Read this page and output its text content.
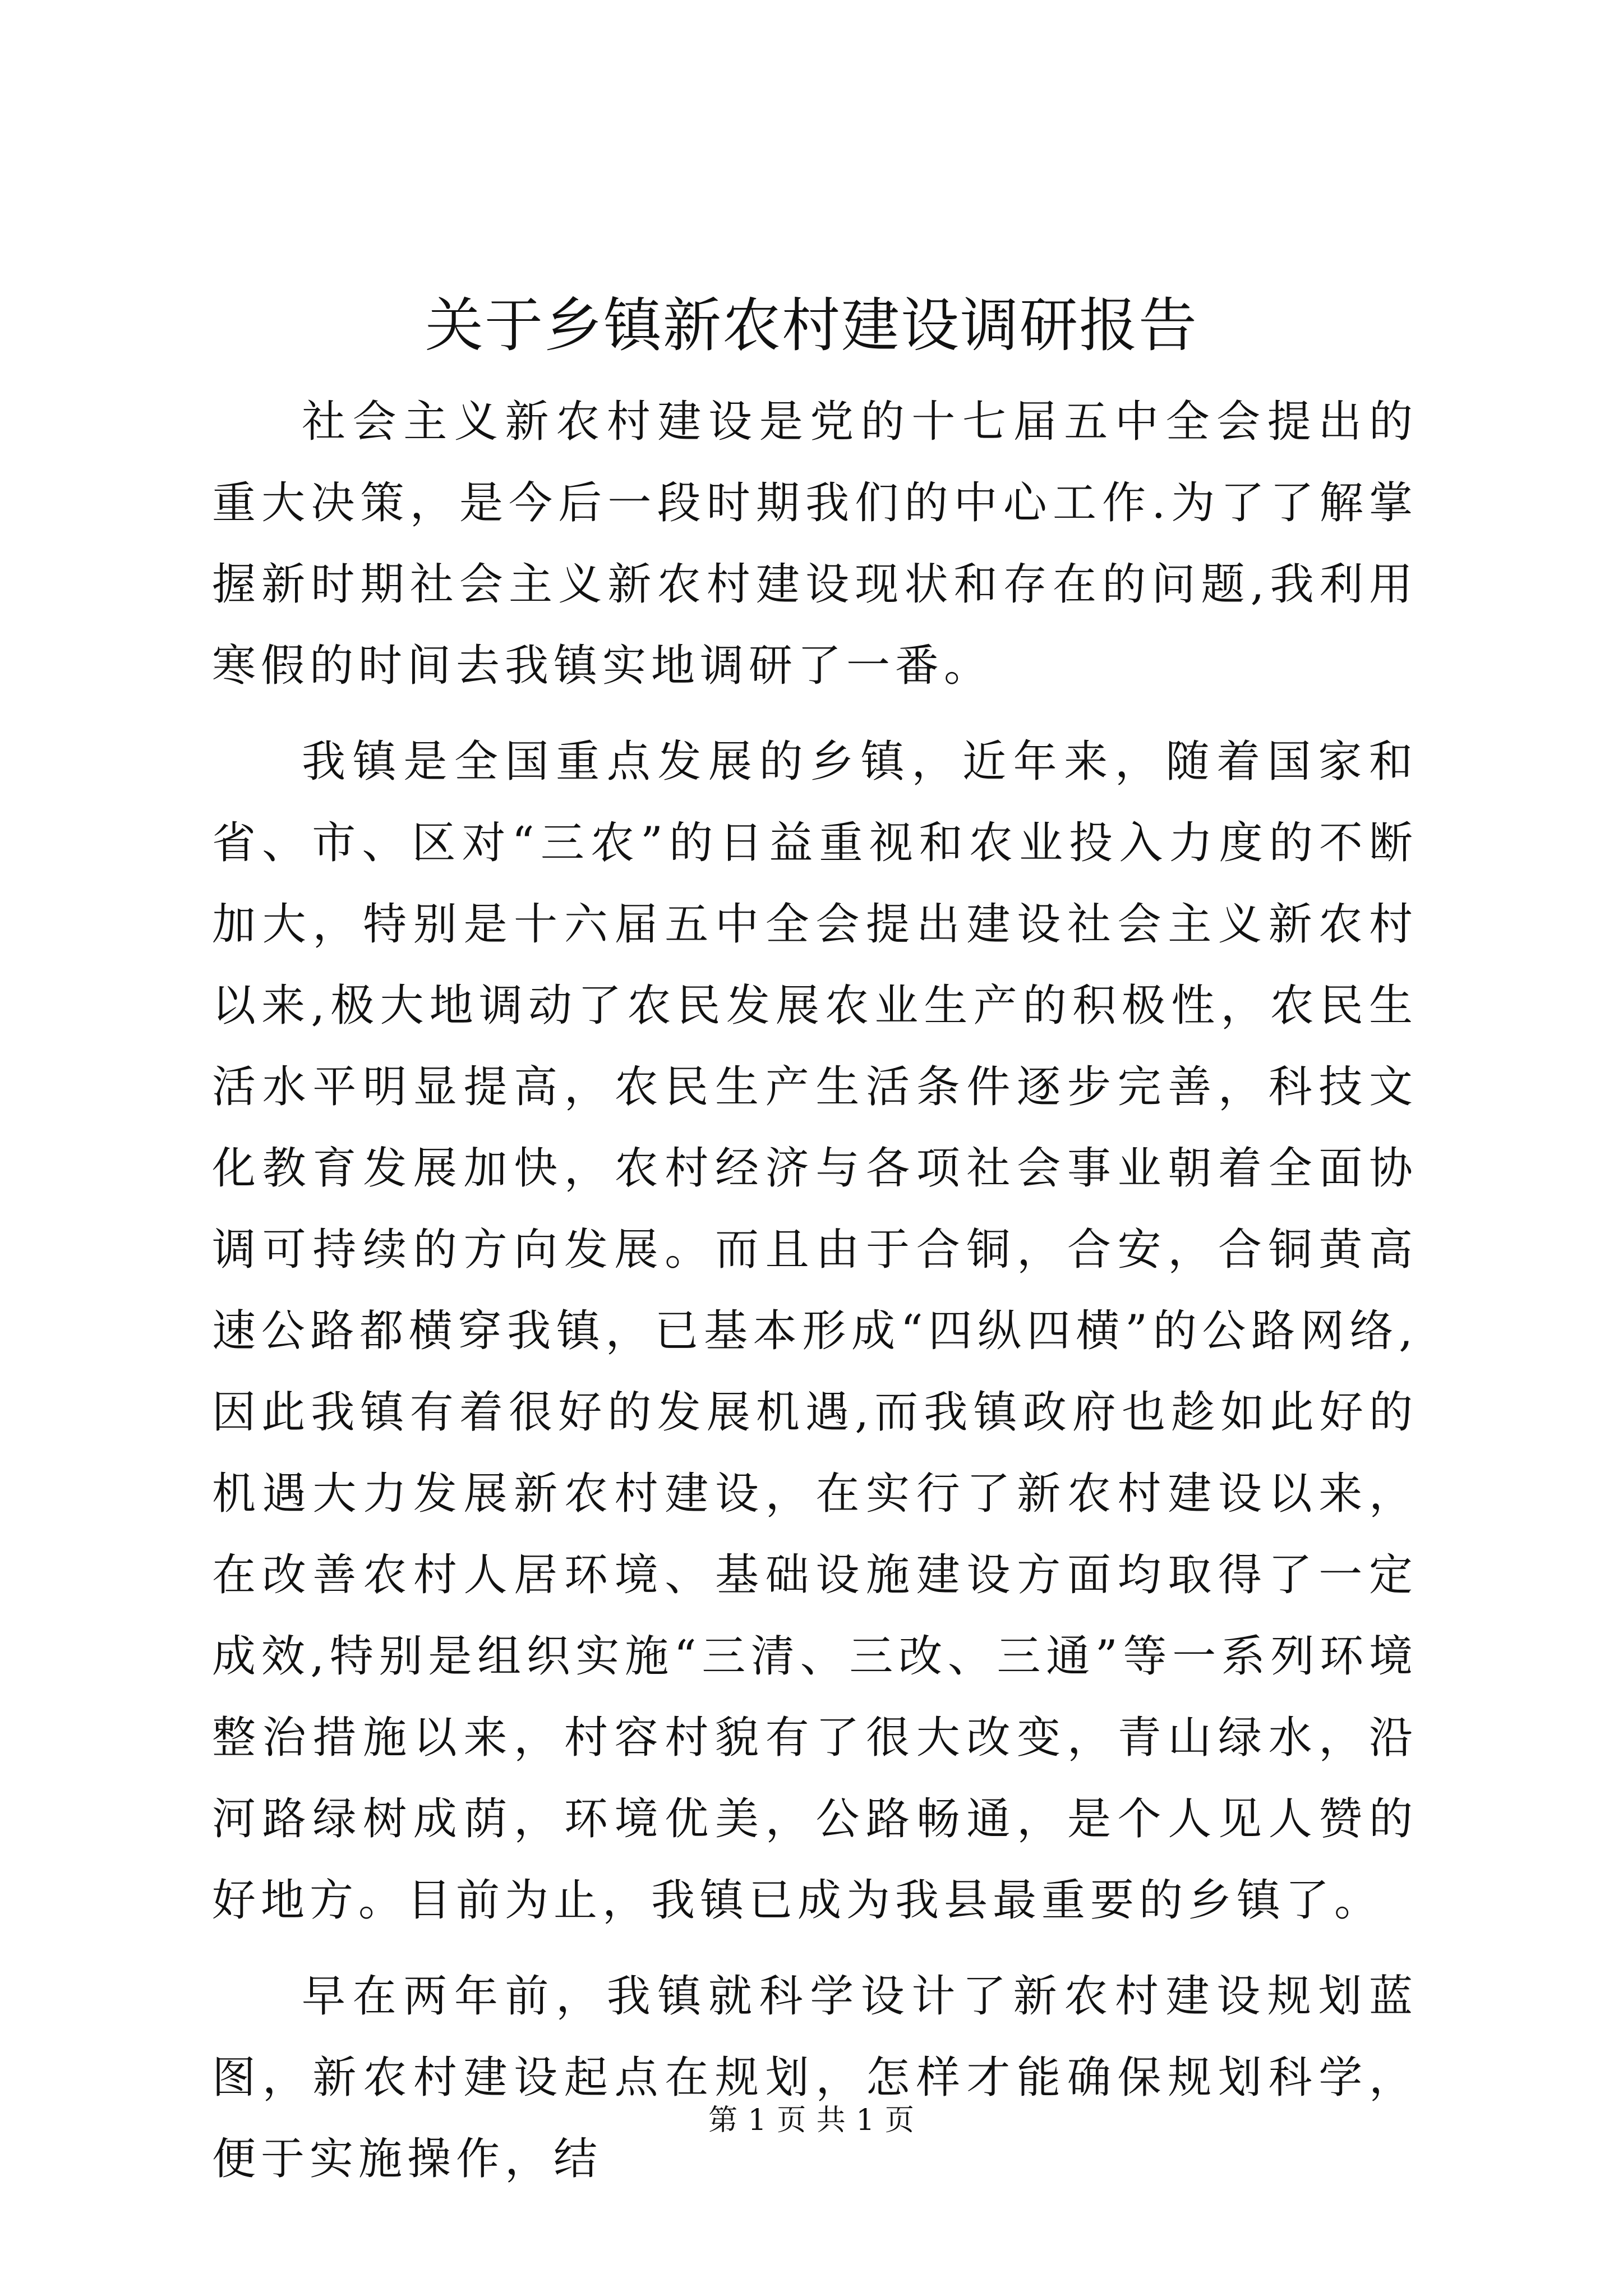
关于乡镇新农村建设调研报告

社会主义新农村建设是党的十七届五中全会提出的重大决策，是今后一段时期我们的中心工作.为了了解掌握新时期社会主义新农村建设现状和存在的问题,我利用寒假的时间去我镇实地调研了一番。

我镇是全国重点发展的乡镇，近年来，随着国家和省、市、区对“三农”的日益重视和农业投入力度的不断加大，特别是十六届五中全会提出建设社会主义新农村以来,极大地调动了农民发展农业生产的积极性，农民生活水平明显提高，农民生产生活条件逐步完善，科技文化教育发展加快，农村经济与各项社会事业朝着全面协调可持续的方向发展。而且由于合铜，合安，合铜黄高速公路都横穿我镇，已基本形成“四纵四横”的公路网络,因此我镇有着很好的发展机遇,而我镇政府也趁如此好的机遇大力发展新农村建设，在实行了新农村建设以来，在改善农村人居环境、基础设施建设方面均取得了一定成效,特别是组织实施“三清、三改、三通”等一系列环境整治措施以来，村容村貌有了很大改变，青山绿水，沿河路绿树成荫，环境优美，公路畅通，是个人见人赞的好地方。目前为止，我镇已成为我县最重要的乡镇了。

早在两年前，我镇就科学设计了新农村建设规划蓝图，新农村建设起点在规划，怎样才能确保规划科学，便于实施操作，结

第 1 页 共 1 页
